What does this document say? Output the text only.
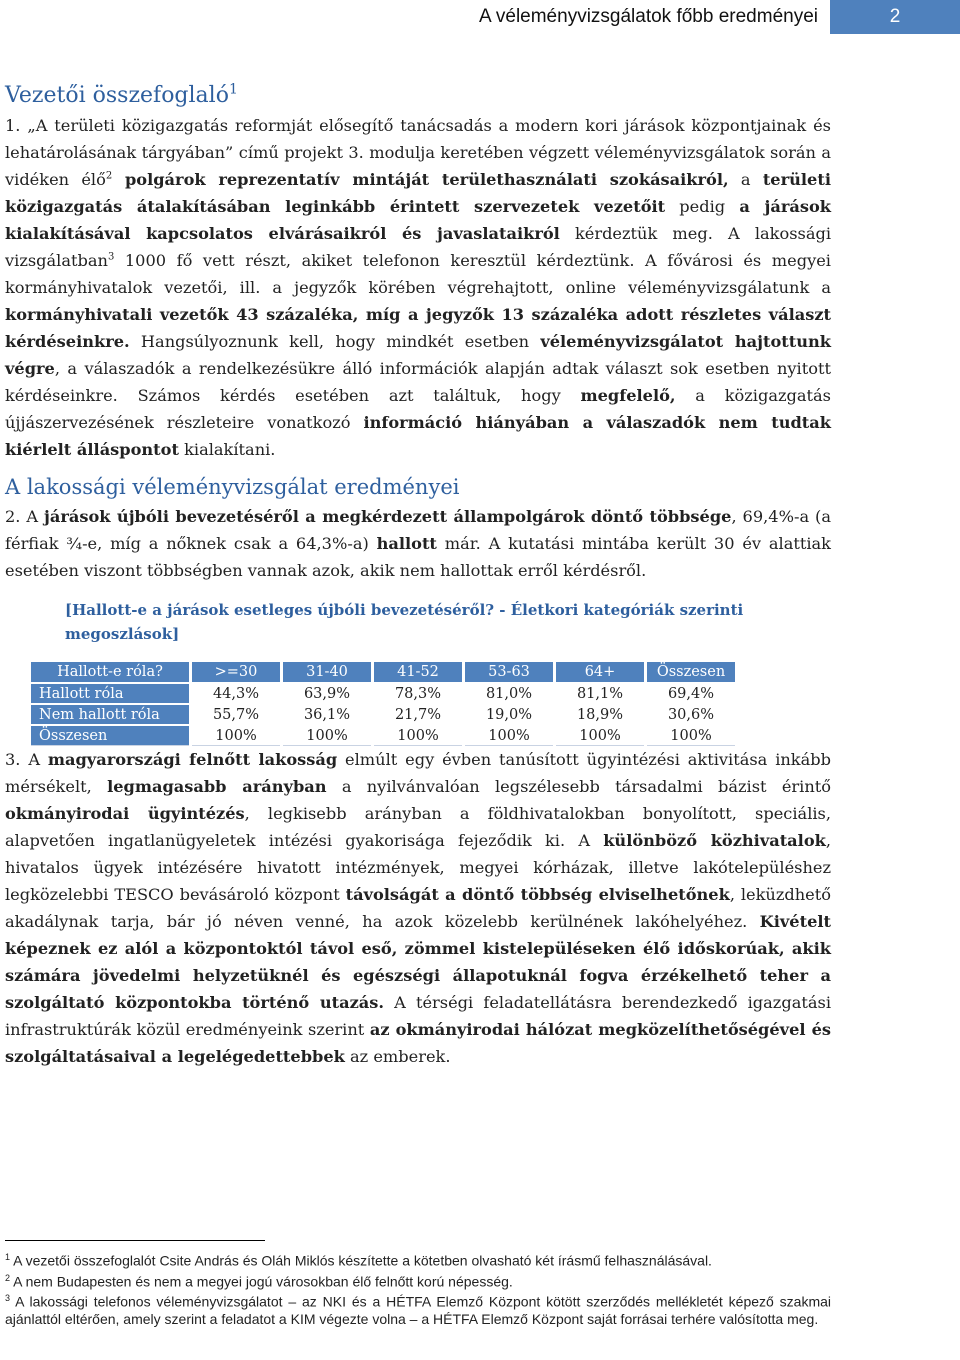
A véleményvizsgálatok főbb eredményei	2
Vezetői összefoglaló$^1$

1. „A területi közigazgatás reformját elősegítő tanácsadás a modern kori járások központjainak és lehatárolásának tárgyában” című projekt 3. modulja keretében végzett véleményvizsgálatok során a vidéken élő$^2$ polgárok reprezentatív mintáját területhasználati szokásaikról, a területi közigazgatás átalakításában leginkább érintett szervezetek vezetőit pedig a járások kialakításával kapcsolatos elvárásaikról és javaslataikról kérdeztük meg. A lakossági vizsgálatban$^3$ 1000 fő vett részt, akiket telefonon keresztül kérdeztünk. A fővárosi és megyei kormányhivatalok vezetői, ill. a jegyzők körében végrehajtott, online véleményvizsgálatunk a kormányhivatali vezetők 43 százaléka, míg a jegyzők 13 százaléka adott részletes választ kérdéseinkre. Hangsúlyoznunk kell, hogy mindkét esetben véleményvizsgálatot hajtottunk végre, a válaszadók a rendelkezésükre álló információk alapján adtak választ sok esetben nyitott kérdéseinkre. Számos kérdés esetében azt találtuk, hogy megfelelő, a közigazgatás újjászervezésének részleteire vonatkozó információ hiányában a válaszadók nem tudtak kiérlelt álláspontot kialakítani.

A lakossági véleményvizsgálat eredményei

2. A járások újbóli bevezetéséről a megkérdezett állampolgárok döntő többsége, 69,4%-a (a férfiak ¾-e, míg a nőknek csak a 64,3%-a) hallott már. A kutatási mintába került 30 év alattiak esetében viszont többségben vannak azok, akik nem hallottak erről kérdésről.

[Hallott-e a járások esetleges újbóli bevezetéséről? - Életkori kategóriák szerinti megoszlások]
Hallott-e róla?	>=30	31-40	41-52	53-63	64+	Összesen
Hallott róla	44,3%	63,9%	78,3%	81,0%	81,1%	69,4%
Nem hallott róla	55,7%	36,1%	21,7%	19,0%	18,9%	30,6%
Összesen	100%	100%	100%	100%	100%	100%

3. A magyarországi felnőtt lakosság elmúlt egy évben tanúsított ügyintézési aktivitása inkább mérsékelt, legmagasabb arányban a nyilvánvalóan legszélesebb társadalmi bázist érintő okmányirodai ügyintézés, legkisebb arányban a földhivatalokban bonyolított, speciális, alapvetően ingatlanügyeletek intézési gyakorisága fejeződik ki. A különböző közhivatalok, hivatalos ügyek intézésére hivatott intézmények, megyei kórházak, illetve lakótelepüléshez legközelebbi TESCO bevásároló központ távolságát a döntő többség elviselhetőnek, leküzdhető akadálynak tarja, bár jó néven venné, ha azok közelebb kerülnének lakóhelyéhez. Kivételt képeznek ez alól a központoktól távol eső, zömmel kistelepüléseken élő időskorúak, akik számára jövedelmi helyzetüknél és egészségi állapotuknál fogva érzékelhető teher a szolgáltató központokba történő utazás. A térségi feladatellátásra berendezkedő igazgatási infrastruktúrák közül eredményeink szerint az okmányirodai hálózat megközelíthetőségével és szolgáltatásaival a legelégedettebbek az emberek.

$^1$ A vezetői összefoglalót Csite András és Oláh Miklós készítette a kötetben olvasható két írásmű felhasználásával.

$^2$ A nem Budapesten és nem a megyei jogú városokban élő felnőtt korú népesség.

$^3$ A lakossági telefonos véleményvizsgálatot – az NKI és a HÉTFA Elemző Központ kötött szerződés mellékletét képező szakmai ajánlattól eltérően, amely szerint a feladatot a KIM végezte volna – a HÉTFA Elemző Központ saját forrásai terhére valósította meg.
